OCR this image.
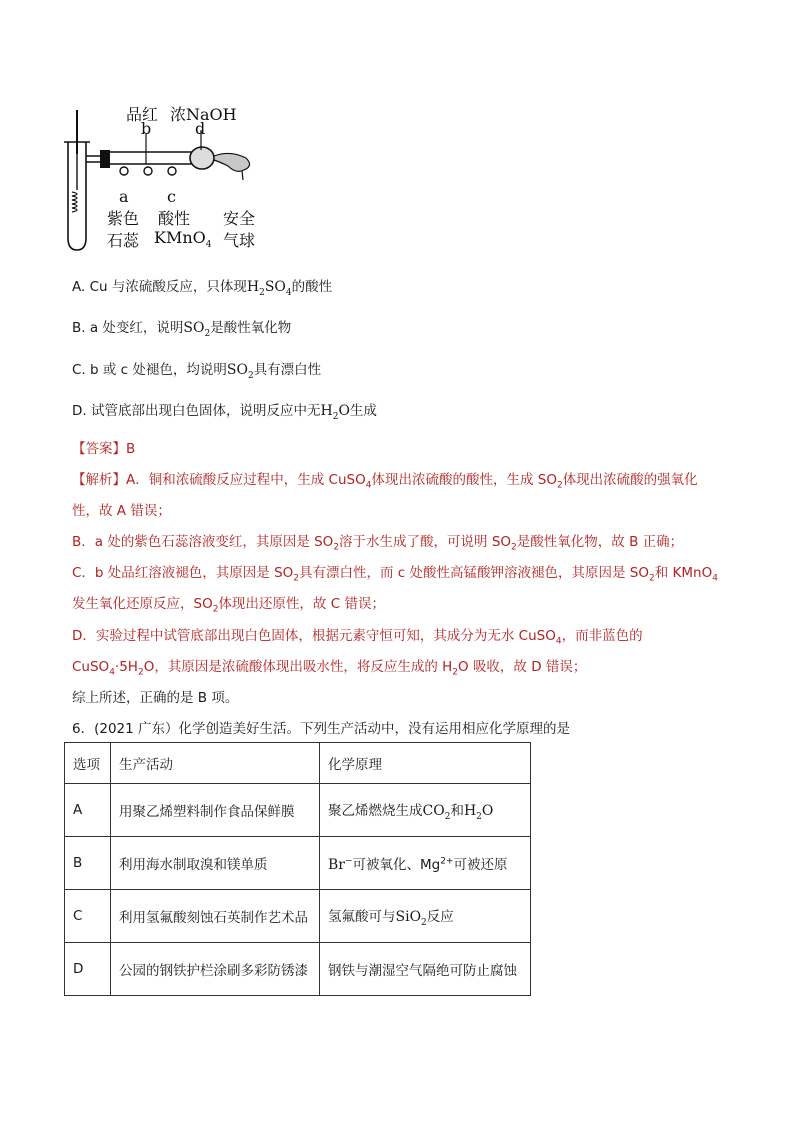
品红 浓NaOH
b	d
a c
紫色
石蕊
酸性
KMnO$_4$
安全
气球
A. Cu 与浓硫酸反应，只体现$H_2SO_4$的酸性
B. a 处变红，说明$SO_2$是酸性氧化物
C. b 或 c 处褪色，均说明$SO_2$具有漂白性
D. 试管底部出现白色固体，说明反应中无$H_2O$生成
【答案】B
【解析】A．铜和浓硫酸反应过程中，生成 CuSO$_4$体现出浓硫酸的酸性，生成 $SO_2$体现出浓硫酸的强氧化
性，故 A 错误；
B．a 处的紫色石蕊溶液变红，其原因是 $SO_2$溶于水生成了酸，可说明 $SO_2$是酸性氧化物，故 B 正确；
C．b 处品红溶液褪色，其原因是 $SO_2$具有漂白性，而 c 处酸性高锰酸钾溶液褪色，其原因是 $SO_2$和 KMnO$_4$
发生氧化还原反应，$SO_2$体现出还原性，故 C 错误；
D．实验过程中试管底部出现白色固体，根据元素守恒可知，其成分为无水 CuSO$_4$，而非蓝色的
$CuSO_4\cdot 5H_2O$，其原因是浓硫酸体现出吸水性，将反应生成的 $H_2O$ 吸收，故 D 错误；
综上所述，正确的是 B 项。
6．(2021 广东）化学创造美好生活。下列生产活动中，没有运用相应化学原理的是
选项	生产活动	化学原理
A	用聚乙烯塑料制作食品保鲜膜	聚乙烯燃烧生成$CO_2$和$H_2O$
B	利用海水制取溴和镁单质	Br−可被氧化、$Mg^{2+}$可被还原
C	利用氢氟酸刻蚀石英制作艺术品	氢氟酸可与SiO$_2$反应
D	公园的钢铁护栏涂刷多彩防锈漆	钢铁与潮湿空气隔绝可防止腐蚀
